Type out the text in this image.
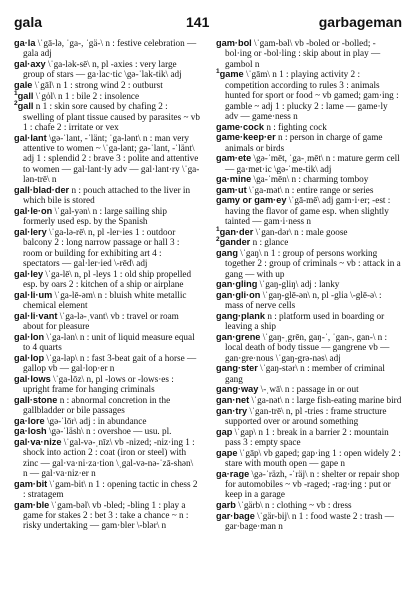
gala	141	garbageman
ga·la \ˈgā-lə, ˈga-, ˈgä-\ n : festive celebration — gala adj
gal·axy \ˈga-lək-sē\ n, pl -axies : very large group of stars — ga·lac·tic \gə-ˈlak-tik\ adj
gale \ˈgāl\ n 1 : strong wind 2 : outburst
$^1$gall \ˈgȯl\ n 1 : bile 2 : insolence
$^2$gall n 1 : skin sore caused by chafing 2 : swelling of plant tissue caused by parasites ~ vb 1 : chafe 2 : irritate or vex
gal·lant \gə-ˈlant, -ˈlänt; ˈga-lənt\ n : man very attentive to women ~ \ˈga-lənt; gə-ˈlant, -ˈlänt\ adj 1 : splendid 2 : brave 3 : polite and attentive to women — gal·lant·ly adv — gal·lant·ry \ˈga-lən-trē\ n
gall·blad·der n : pouch attached to the liver in which bile is stored
gal·le·on \ˈgal-yən\ n : large sailing ship formerly used esp. by the Spanish
gal·lery \ˈga-lə-rē\ n, pl -ler·ies 1 : outdoor balcony 2 : long narrow passage or hall 3 : room or building for exhibiting art 4 : spectators — gal·ler·ied \-rēd\ adj
gal·ley \ˈga-lē\ n, pl -leys 1 : old ship propelled esp. by oars 2 : kitchen of a ship or airplane
gal·li·um \ˈga-lē-əm\ n : bluish white metallic chemical element
gal·li·vant \ˈga-lə-ˌvant\ vb : travel or roam about for pleasure
gal·lon \ˈga-lən\ n : unit of liquid measure equal to 4 quarts
gal·lop \ˈga-ləp\ n : fast 3-beat gait of a horse — gallop vb — gal·lop·er n
gal·lows \ˈga-lōz\ n, pl -lows or -lows·es : upright frame for hanging criminals
gall·stone n : abnormal concretion in the gallbladder or bile passages
ga·lore \gə-ˈlōr\ adj : in abundance
ga·losh \gə-ˈläsh\ n : overshoe — usu. pl.
gal·va·nize \ˈgal-və-ˌnīz\ vb -nized; -niz·ing 1 : shock into action 2 : coat (iron or steel) with zinc — gal·va·ni·za·tion \ˌgal-və-nə-ˈzā-shən\ n — gal·va·niz·er n
gam·bit \ˈgam-bit\ n 1 : opening tactic in chess 2 : stratagem
gam·ble \ˈgam-bəl\ vb -bled; -bling 1 : play a game for stakes 2 : bet 3 : take a chance ~ n : risky undertaking — gam·bler \-blər\ n
gam·bol \ˈgam-bəl\ vb -boled or -bolled; -bol·ing or -bol·ling : skip about in play — gambol n
$^1$game \ˈgām\ n 1 : playing activity 2 : competition according to rules 3 : animals hunted for sport or food ~ vb gamed; gam·ing : gamble ~ adj 1 : plucky 2 : lame — game·ly adv — game·ness n
game·cock n : fighting cock
game·keep·er n : person in charge of game animals or birds
gam·ete \gə-ˈmēt, ˈga-ˌmēt\ n : mature germ cell — ga·met·ic \gə-ˈme-tik\ adj
ga·mine \ga-ˈmēn\ n : charming tomboy
gam·ut \ˈga-mət\ n : entire range or series
gamy or gam·ey \ˈgā-mē\ adj gam·i·er; -est : having the flavor of game esp. when slightly tainted — gam·i·ness n
$^1$gan·der \ˈgan-dər\ n : male goose
$^2$gander n : glance
gang \ˈgaŋ\ n 1 : group of persons working together 2 : group of criminals ~ vb : attack in a gang — with up
gan·gling \ˈgaŋ-gliŋ\ adj : lanky
gan·gli·on \ˈgaŋ-glē-ən\ n, pl -glia \-glē-ə\ : mass of nerve cells
gang·plank n : platform used in boarding or leaving a ship
gan·grene \ˈgaŋ-ˌgrēn, gaŋ-ˈ, ˈgan-, gan-\ n : local death of body tissue — gangrene vb — gan·gre·nous \ˈgaŋ-grə-nəs\ adj
gang·ster \ˈgaŋ-stər\ n : member of criminal gang
gang·way \-ˌwā\ n : passage in or out
gan·net \ˈga-nət\ n : large fish-eating marine bird
gan·try \ˈgan-trē\ n, pl -tries : frame structure supported over or around something
gap \ˈgap\ n 1 : break in a barrier 2 : mountain pass 3 : empty space
gape \ˈgāp\ vb gaped; gap·ing 1 : open widely 2 : stare with mouth open — gape n
ga·rage \gə-ˈräzh, -ˈräj\ n : shelter or repair shop for automobiles ~ vb -raged; -rag·ing : put or keep in a garage
garb \ˈgärb\ n : clothing ~ vb : dress
gar·bage \ˈgär-bij\ n 1 : food waste 2 : trash — gar·bage·man n
